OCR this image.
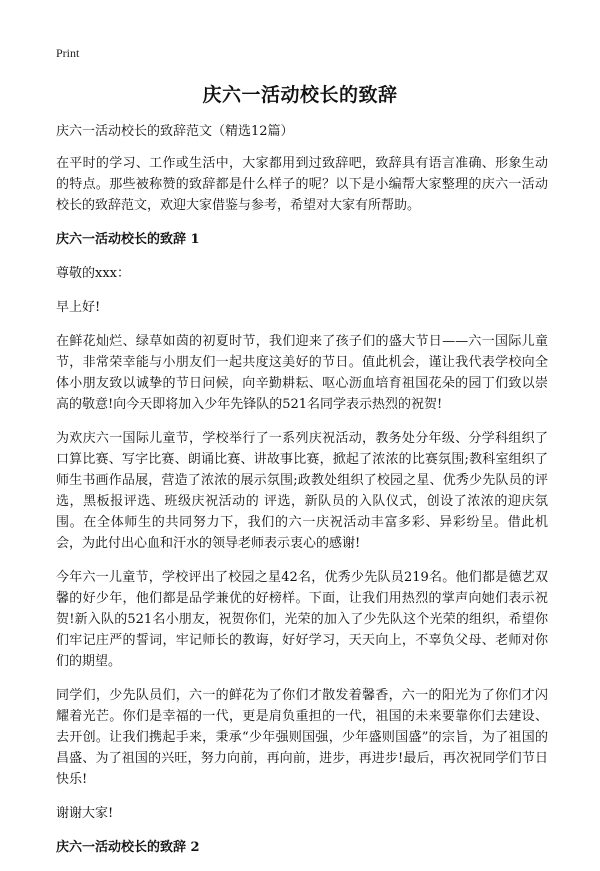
Print
庆六一活动校长的致辞

庆六一活动校长的致辞范文（精选12篇）

在平时的学习、工作或生活中，大家都用到过致辞吧，致辞具有语言准确、形象生动的特点。那些被称赞的致辞都是什么样子的呢？以下是小编帮大家整理的庆六一活动校长的致辞范文，欢迎大家借鉴与参考，希望对大家有所帮助。

庆六一活动校长的致辞 1

尊敬的xxx：

早上好!

在鲜花灿烂、绿草如茵的初夏时节，我们迎来了孩子们的盛大节日——六一国际儿童节，非常荣幸能与小朋友们一起共度这美好的节日。值此机会，谨让我代表学校向全体小朋友致以诚挚的节日问候，向辛勤耕耘、呕心沥血培育祖国花朵的园丁们致以崇高的敬意!向今天即将加入少年先锋队的521名同学表示热烈的祝贺!

为欢庆六一国际儿童节，学校举行了一系列庆祝活动，教务处分年级、分学科组织了口算比赛、写字比赛、朗诵比赛、讲故事比赛，掀起了浓浓的比赛氛围;教科室组织了师生书画作品展，营造了浓浓的展示氛围;政教处组织了校园之星、优秀少先队员的评选，黑板报评选、班级庆祝活动的 评选，新队员的入队仪式，创设了浓浓的迎庆氛围。在全体师生的共同努力下，我们的六一庆祝活动丰富多彩、异彩纷呈。借此机会，为此付出心血和汗水的领导老师表示衷心的感谢!

今年六一儿童节，学校评出了校园之星42名，优秀少先队员219名。他们都是德艺双馨的好少年，他们都是品学兼优的好榜样。下面，让我们用热烈的掌声向她们表示祝贺!新入队的521名小朋友，祝贺你们，光荣的加入了少先队这个光荣的组织，希望你们牢记庄严的誓词，牢记师长的教诲，好好学习，天天向上，不辜负父母、老师对你们的期望。

同学们，少先队员们，六一的鲜花为了你们才散发着馨香，六一的阳光为了你们才闪耀着光芒。你们是幸福的一代，更是肩负重担的一代，祖国的未来要靠你们去建设、去开创。让我们携起手来，秉承“少年强则国强，少年盛则国盛”的宗旨，为了祖国的昌盛、为了祖国的兴旺，努力向前，再向前，进步，再进步!最后，再次祝同学们节日快乐!

谢谢大家!

庆六一活动校长的致辞 2
